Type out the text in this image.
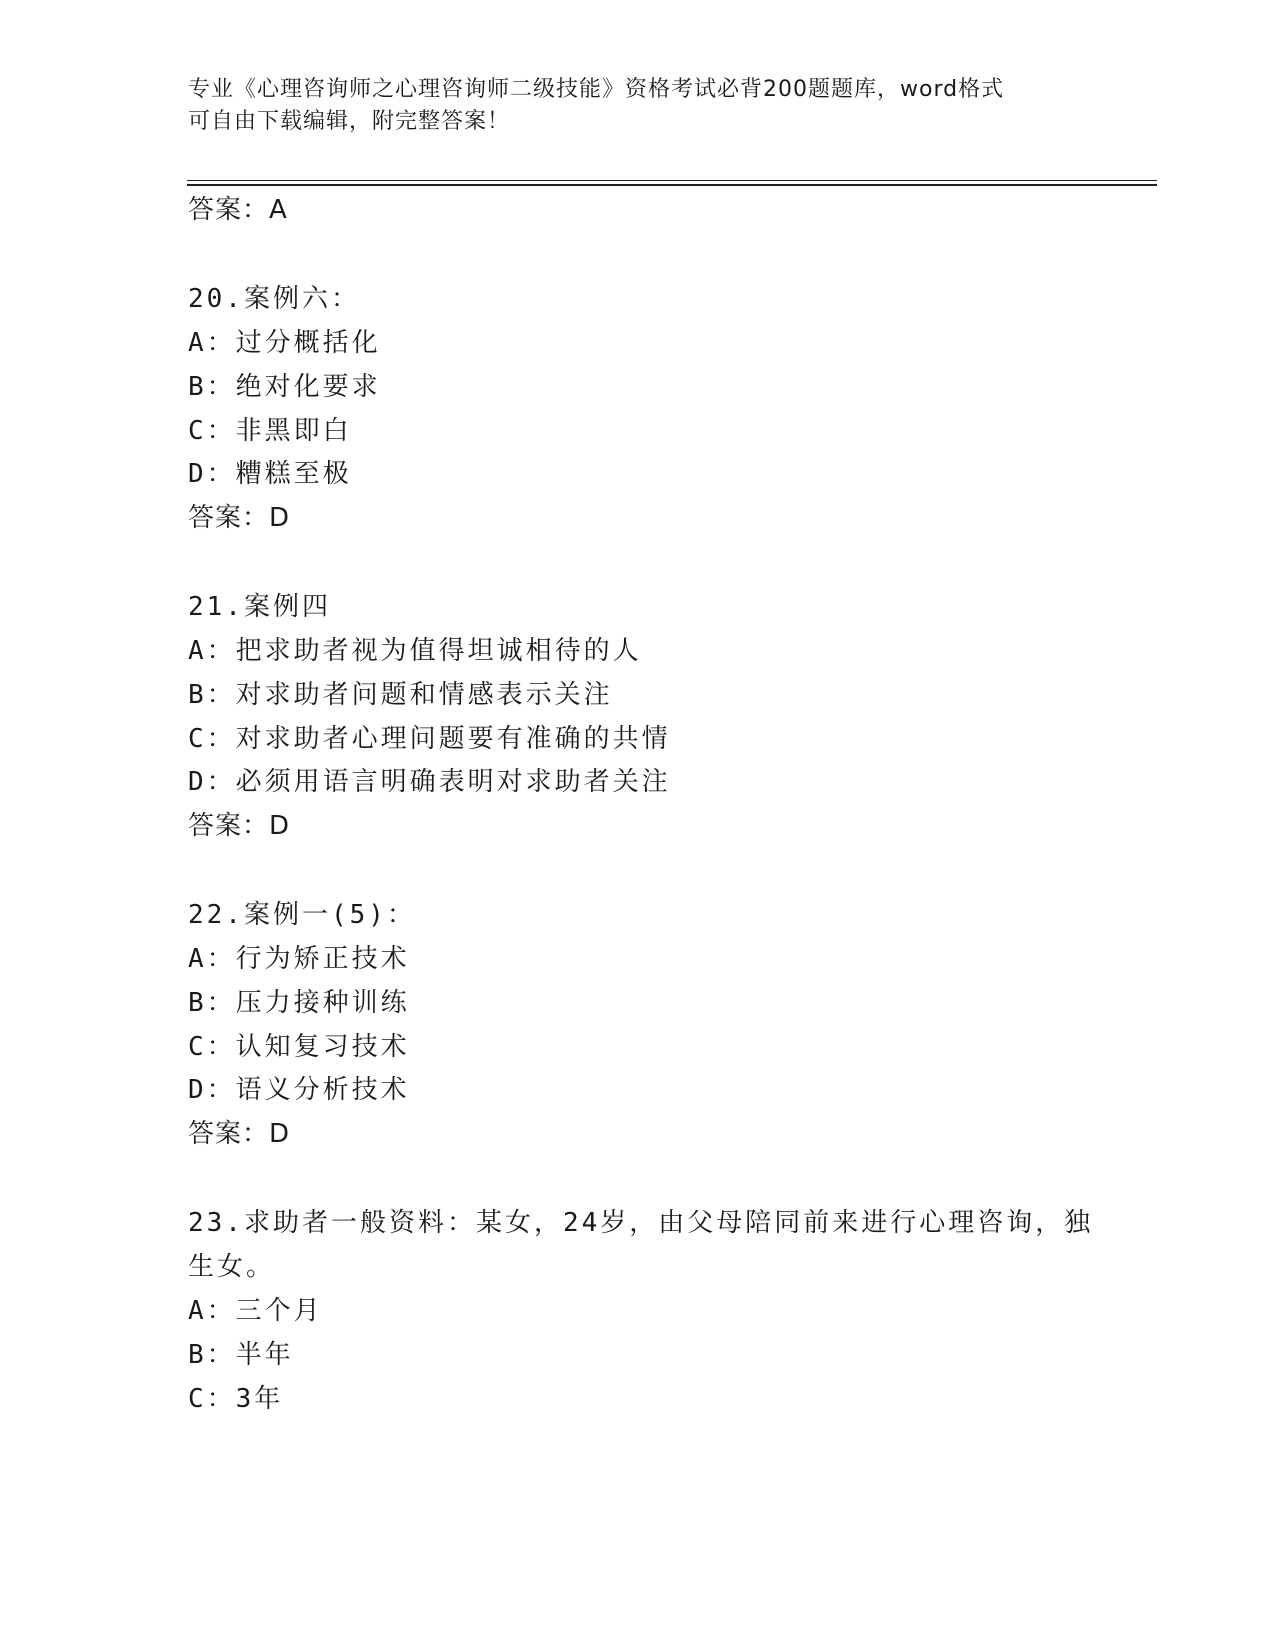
专业《心理咨询师之心理咨询师二级技能》资格考试必背200题题库，word格式
可自由下载编辑，附完整答案！
答案：A
20.案例六：
A：过分概括化
B：绝对化要求
C：非黑即白
D：糟糕至极
答案：D
21.案例四
A：把求助者视为值得坦诚相待的人
B：对求助者问题和情感表示关注
C：对求助者心理问题要有准确的共情
D：必须用语言明确表明对求助者关注
答案：D
22.案例一(5)：
A：行为矫正技术
B：压力接种训练
C：认知复习技术
D：语义分析技术
答案：D
23.求助者一般资料：某女，24岁，由父母陪同前来进行心理咨询，独
生女。
A：三个月
B：半年
C：3年
